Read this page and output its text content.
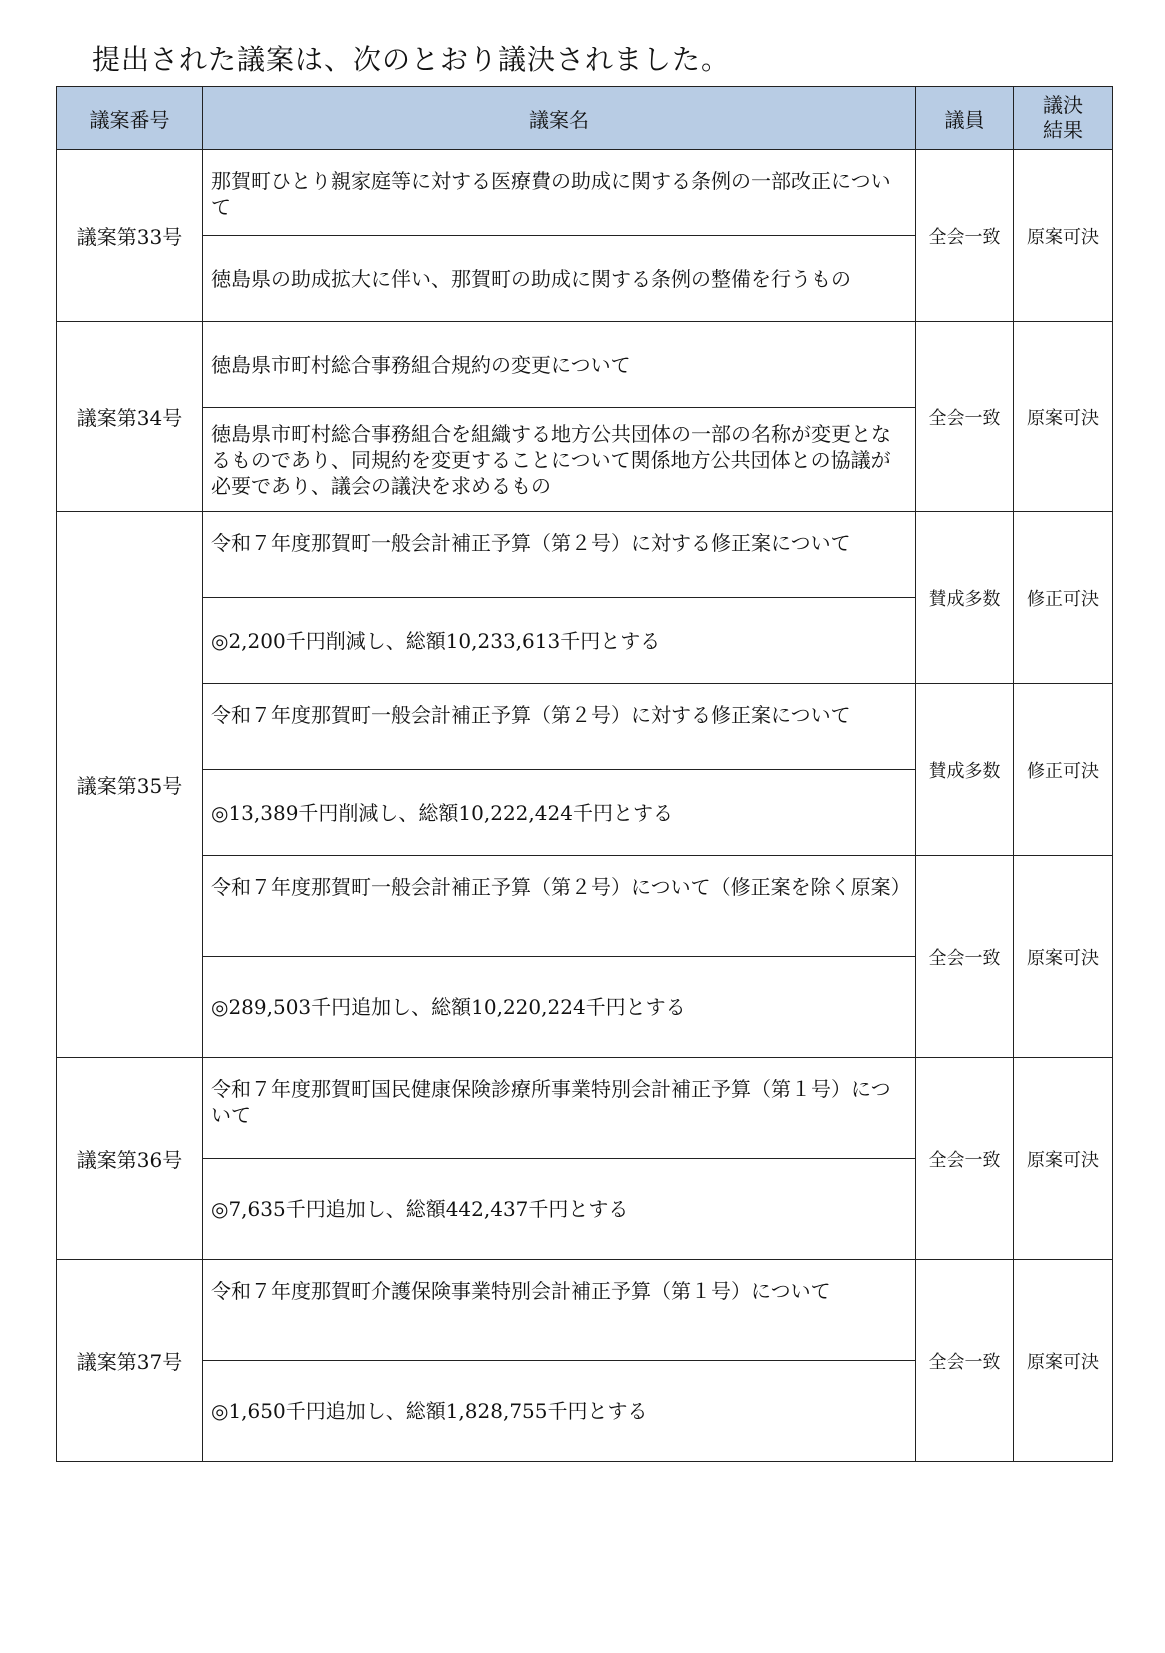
提出された議案は、次のとおり議決されました。
議案番号	議案名	議員	議決結果
議案第33号	那賀町ひとり親家庭等に対する医療費の助成に関する条例の一部改正について	全会一致	原案可決
	徳島県の助成拡大に伴い、那賀町の助成に関する条例の整備を行うもの		
議案第34号	徳島県市町村総合事務組合規約の変更について	全会一致	原案可決
	徳島県市町村総合事務組合を組織する地方公共団体の一部の名称が変更となるものであり、同規約を変更することについて関係地方公共団体との協議が必要であり、議会の議決を求めるもの		
議案第35号	令和７年度那賀町一般会計補正予算（第２号）に対する修正案について	賛成多数	修正可決
	◎2,200千円削減し、総額10,233,613千円とする		
	令和７年度那賀町一般会計補正予算（第２号）に対する修正案について	賛成多数	修正可決
	◎13,389千円削減し、総額10,222,424千円とする		
	令和７年度那賀町一般会計補正予算（第２号）について（修正案を除く原案）	全会一致	原案可決
	◎289,503千円追加し、総額10,220,224千円とする		
議案第36号	令和７年度那賀町国民健康保険診療所事業特別会計補正予算（第１号）について	全会一致	原案可決
	◎7,635千円追加し、総額442,437千円とする		
議案第37号	令和７年度那賀町介護保険事業特別会計補正予算（第１号）について	全会一致	原案可決
	◎1,650千円追加し、総額1,828,755千円とする		
